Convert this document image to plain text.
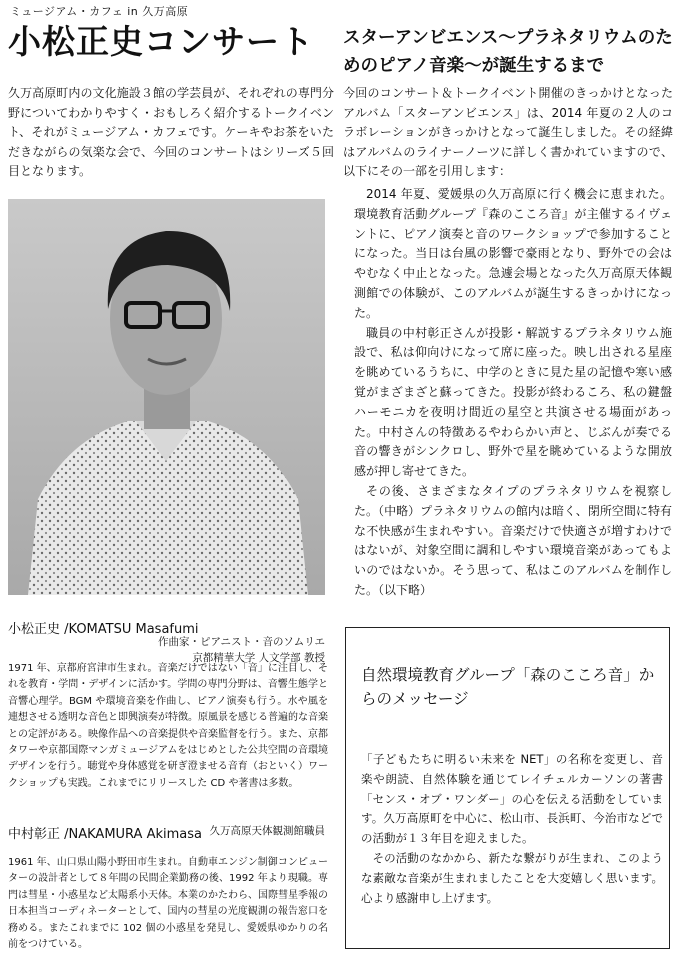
ミュージアム・カフェ in 久万高原
小松正史コンサート スターアンビエンス〜プラネタリウムのためのピアノ音楽〜が誕生するまで
久万高原町内の文化施設３館の学芸員が、それぞれの専門分野についてわかりやすく・おもしろく紹介するトークイベント、それがミュージアム・カフェです。ケーキやお茶をいただきながらの気楽な会で、今回のコンサートはシリーズ５回目となります。
今回のコンサート＆トークイベント開催のきっかけとなったアルバム「スターアンビエンス」は、2014 年夏の２人のコラボレーションがきっかけとなって誕生しました。その経緯はアルバムのライナーノーツに詳しく書かれていますので、以下にその一部を引用します：

2014 年夏、愛媛県の久万高原に行く機会に恵まれた。環境教育活動グループ『森のこころ音』が主催するイヴェントに、ピアノ演奏と音のワークショップで参加することになった。当日は台風の影響で豪雨となり、野外での会はやむなく中止となった。急遽会場となった久万高原天体観測館での体験が、このアルバムが誕生するきっかけになった。

職員の中村彰正さんが投影・解説するプラネタリウム施設で、私は仰向けになって席に座った。映し出される星座を眺めているうちに、中学のときに見た星の記憶や寒い感覚がまざまざと蘇ってきた。投影が終わるころ、私の鍵盤ハーモニカを夜明け間近の星空と共演させる場面があった。中村さんの特徴あるやわらかい声と、じぶんが奏でる音の響きがシンクロし、野外で星を眺めているような開放感が押し寄せてきた。

その後、さまざまなタイプのプラネタリウムを視察した。（中略）プラネタリウムの館内は暗く、閉所空間に特有な不快感が生まれやすい。音楽だけで快適さが増すわけではないが、対象空間に調和しやすい環境音楽があってもよいのではないか。そう思って、私はこのアルバムを制作した。（以下略）

小松正史 /KOMATSU Masafumi
作曲家・ピアニスト・音のソムリエ
京都精華大学 人文学部 教授
1971 年、京都府宮津市生まれ。音楽だけではない「音」に注目し、それを教育・学問・デザインに活かす。学問の専門分野は、音響生態学と音響心理学。BGM や環境音楽を作曲し、ピアノ演奏も行う。水や風を連想させる透明な音色と即興演奏が特徴。原風景を感じる普遍的な音楽との定評がある。映像作品への音楽提供や音楽監督を行う。また、京都タワーや京都国際マンガミュージアムをはじめとした公共空間の音環境デザインを行う。聴覚や身体感覚を研ぎ澄ませる音育（おといく）ワークショップも実践。これまでにリリースした CD や著書は多数。
中村彰正 /NAKAMURA Akimasa 久万高原天体観測館職員
1961 年、山口県山陽小野田市生まれ。自動車エンジン制御コンピューターの設計者として８年間の民間企業勤務の後、1992 年より現職。専門は彗星・小惑星など太陽系小天体。本業のかたわら、国際彗星季報の日本担当コーディネーターとして、国内の彗星の光度観測の報告窓口を務める。またこれまでに 102 個の小惑星を発見し、愛媛県ゆかりの名前をつけている。
自然環境教育グループ「森のこころ音」からのメッセージ

「子どもたちに明るい未来を NET」の名称を変更し、音楽や朗読、自然体験を通じてレイチェルカーソンの著書「センス・オブ・ワンダー」の心を伝える活動をしています。久万高原町を中心に、松山市、長浜町、今治市などでの活動が１３年目を迎えました。

その活動のなかから、新たな繋がりが生まれ、このような素敵な音楽が生まれましたことを大変嬉しく思います。心より感謝申し上げます。
